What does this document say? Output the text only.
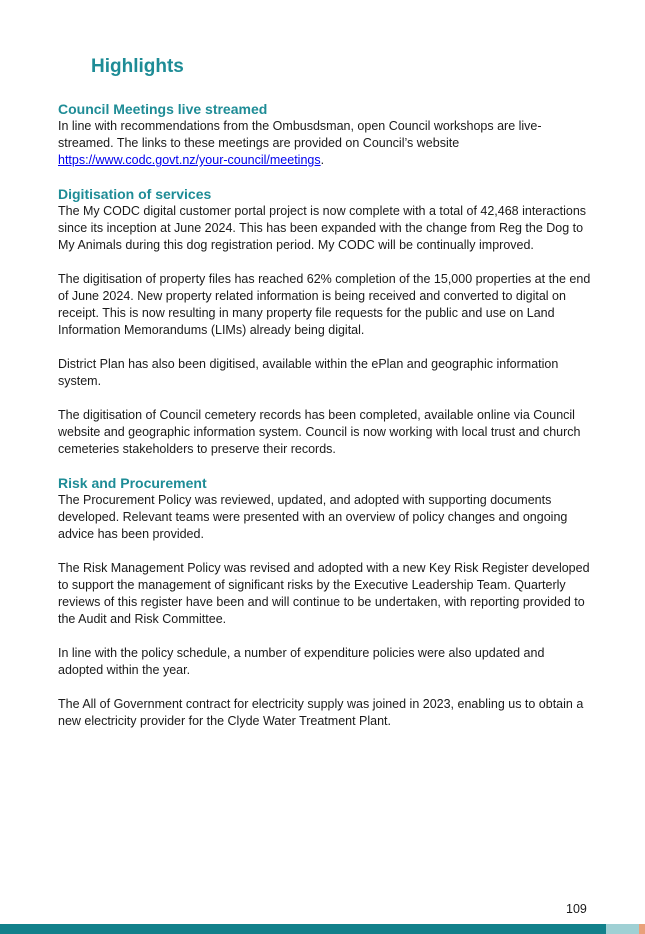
Highlights
Council Meetings live streamed

In line with recommendations from the Ombusdsman, open Council workshops are live-streamed. The links to these meetings are provided on Council’s website https://www.codc.govt.nz/your-council/meetings.

Digitisation of services

The My CODC digital customer portal project is now complete with a total of 42,468 interactions since its inception at June 2024. This has been expanded with the change from Reg the Dog to My Animals during this dog registration period. My CODC will be continually improved.

The digitisation of property files has reached 62% completion of the 15,000 properties at the end of June 2024. New property related information is being received and converted to digital on receipt. This is now resulting in many property file requests for the public and use on Land Information Memorandums (LIMs) already being digital.

District Plan has also been digitised, available within the ePlan and geographic information system.

The digitisation of Council cemetery records has been completed, available online via Council website and geographic information system. Council is now working with local trust and church cemeteries stakeholders to preserve their records.

Risk and Procurement

The Procurement Policy was reviewed, updated, and adopted with supporting documents developed. Relevant teams were presented with an overview of policy changes and ongoing advice has been provided.

The Risk Management Policy was revised and adopted with a new Key Risk Register developed to support the management of significant risks by the Executive Leadership Team. Quarterly reviews of this register have been and will continue to be undertaken, with reporting provided to the Audit and Risk Committee.

In line with the policy schedule, a number of expenditure policies were also updated and adopted within the year.

The All of Government contract for electricity supply was joined in 2023, enabling us to obtain a new electricity provider for the Clyde Water Treatment Plant.

109
